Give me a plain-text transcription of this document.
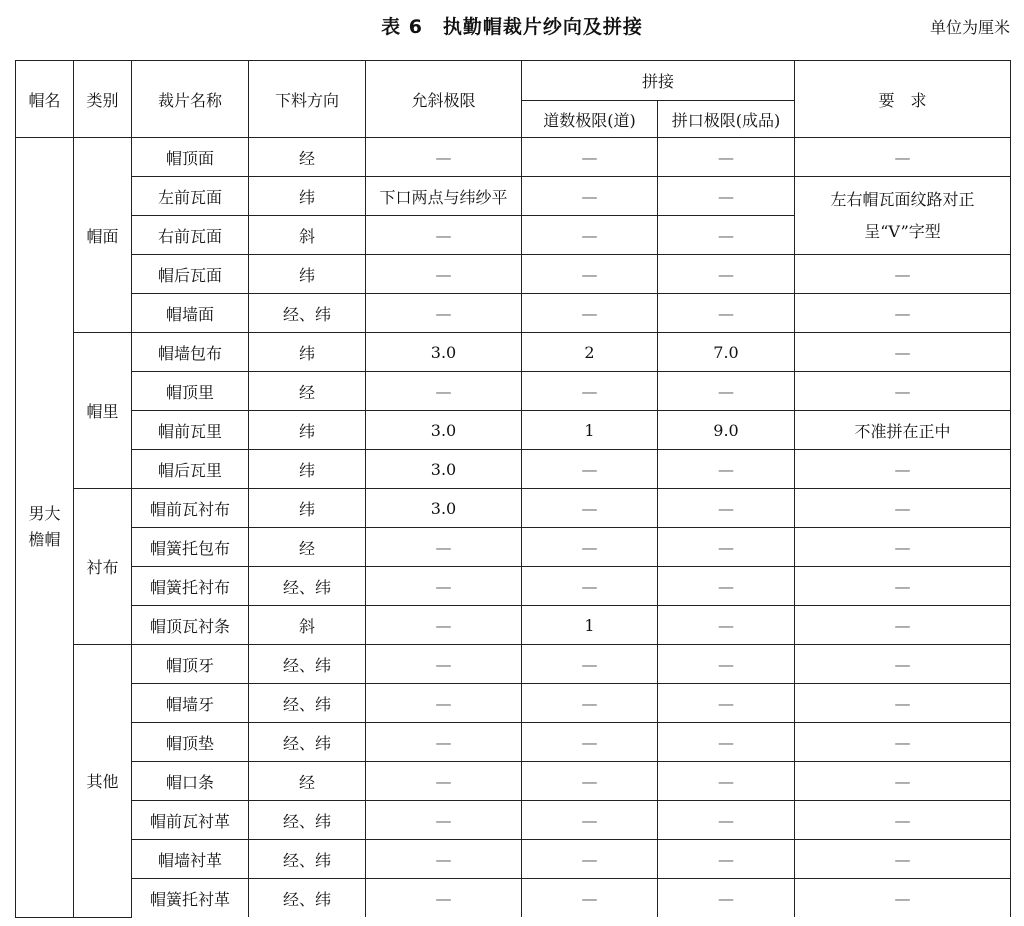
表 6　执勤帽裁片纱向及拼接	单位为厘米
帽名	类别	裁片名称	下料方向	允斜极限	拼接		要　求
					道数极限(道)	拼口极限(成品)	
男大檐帽	帽面	帽顶面	经	—	—	—	—
		左前瓦面	纬	下口两点与纬纱平	—	—	左右帽瓦面纹路对正呈“V”字型
		右前瓦面	斜	—	—	—	
		帽后瓦面	纬	—	—	—	—
		帽墙面	经、纬	—	—	—	—
	帽里	帽墙包布	纬	3.0	2	7.0	—
		帽顶里	经	—	—	—	—
		帽前瓦里	纬	3.0	1	9.0	不准拼在正中
		帽后瓦里	纬	3.0	—	—	—
	衬布	帽前瓦衬布	纬	3.0	—	—	—
		帽簧托包布	经	—	—	—	—
		帽簧托衬布	经、纬	—	—	—	—
		帽顶瓦衬条	斜	—	1	—	—
	其他	帽顶牙	经、纬	—	—	—	—
		帽墙牙	经、纬	—	—	—	—
		帽顶垫	经、纬	—	—	—	—
		帽口条	经	—	—	—	—
		帽前瓦衬革	经、纬	—	—	—	—
		帽墙衬革	经、纬	—	—	—	—
		帽簧托衬革	经、纬	—	—	—	—
